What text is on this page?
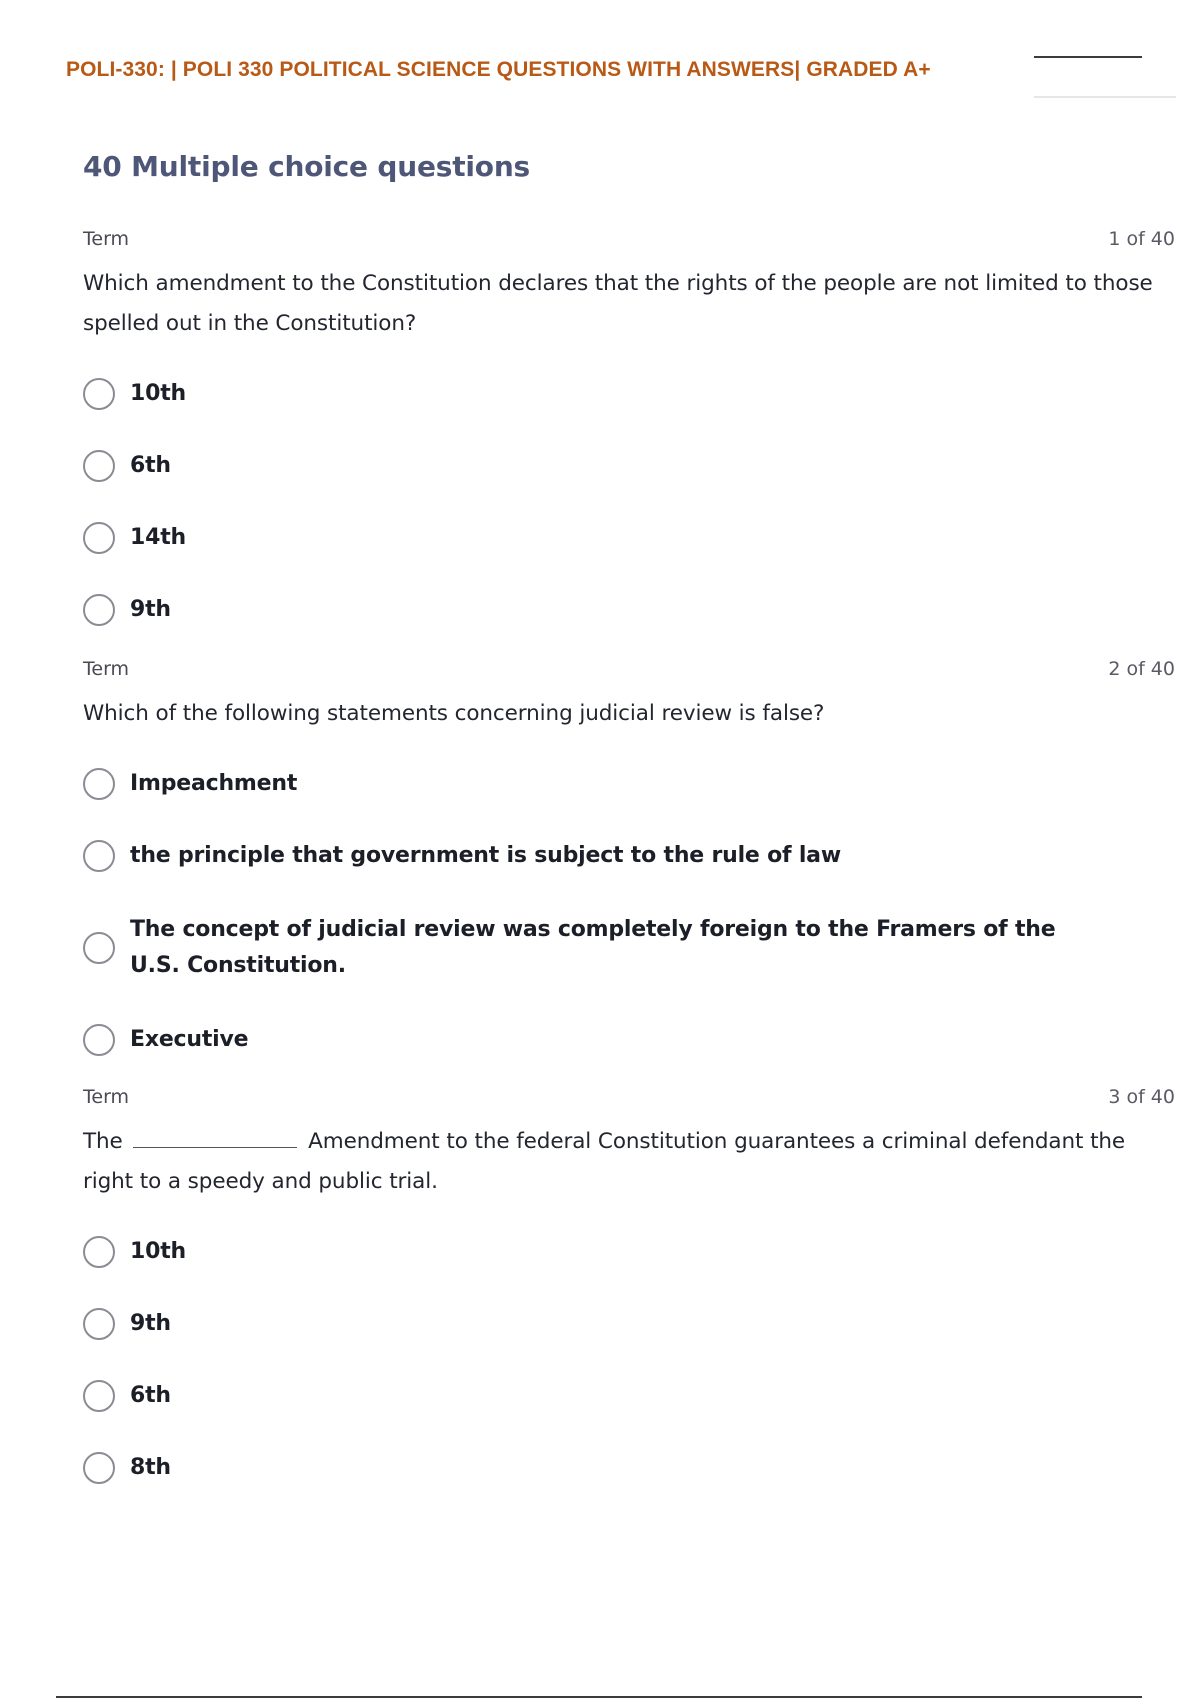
POLI-330: | POLI 330 POLITICAL SCIENCE QUESTIONS WITH ANSWERS| GRADED A+
40 Multiple choice questions
Term	1 of 40
Which amendment to the Constitution declares that the rights of the people are not limited to those spelled out in the Constitution?
10th
6th
14th
9th
Term	2 of 40
Which of the following statements concerning judicial review is false?
Impeachment
the principle that government is subject to the rule of law
The concept of judicial review was completely foreign to the Framers of the U.S. Constitution.
Executive
Term	3 of 40
The	Amendment to the federal Constitution guarantees a criminal defendant the right to a speedy and public trial.
10th
9th
6th
8th
